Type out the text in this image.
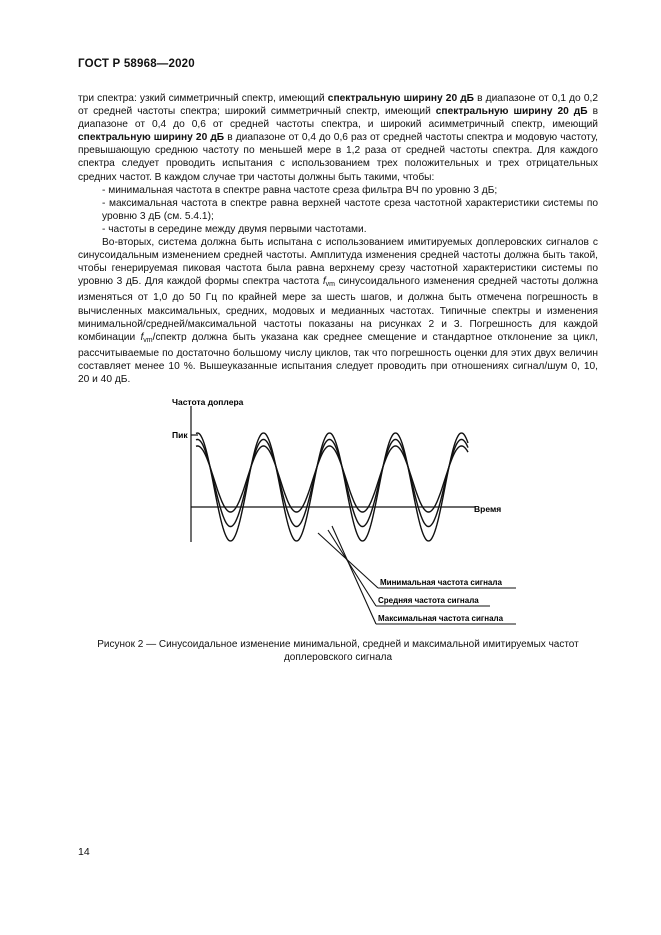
ГОСТ Р 58968—2020

три спектра: узкий симметричный спектр, имеющий спектральную ширину 20 дБ в диапазоне от 0,1 до 0,2 от средней частоты спектра; широкий симметричный спектр, имеющий спектральную ширину 20 дБ в диапазоне от 0,4 до 0,6 от средней частоты спектра, и широкий асимметричный спектр, имеющий спектральную ширину 20 дБ в диапазоне от 0,4 до 0,6 раз от средней частоты спектра и модовую частоту, превышающую среднюю частоту по меньшей мере в 1,2 раза от средней частоты спектра. Для каждого спектра следует проводить испытания с использованием трех положительных и трех отрицательных средних частот. В каждом случае три частоты должны быть такими, чтобы:

- минимальная частота в спектре равна частоте среза фильтра ВЧ по уровню 3 дБ;

- максимальная частота в спектре равна верхней частоте среза частотной характеристики системы по уровню 3 дБ (см. 5.4.1);

- частоты в середине между двумя первыми частотами.

Во-вторых, система должна быть испытана с использованием имитируемых доплеровских сигналов с синусоидальным изменением средней частоты. Амплитуда изменения средней частоты должна быть такой, чтобы генерируемая пиковая частота была равна верхнему срезу частотной характеристики системы по уровню 3 дБ. Для каждой формы спектра частота $f_{vm}$ синусоидального изменения средней частоты должна изменяться от 1,0 до 50 Гц по крайней мере за шесть шагов, и должна быть отмечена погрешность в вычисленных максимальных, средних, модовых и медианных частотах. Типичные спектры и изменения минимальной/средней/максимальной частоты показаны на рисунках 2 и 3. Погрешность для каждой комбинации $f_{vm}$/спектр должна быть указана как среднее смещение и стандартное отклонение за цикл, рассчитываемые по достаточно большому числу циклов, так что погрешность оценки для этих двух величин составляет менее 10 %. Вышеуказанные испытания следует проводить при отношениях сигнал/шум 0, 10, 20 и 40 дБ.

Частота доплера
Пик
Время
Минимальная частота сигнала
Средняя частота сигнала
Максимальная частота сигнала
Рисунок 2 — Синусоидальное изменение минимальной, средней и максимальной имитируемых частот
доплеровского сигнала
14
